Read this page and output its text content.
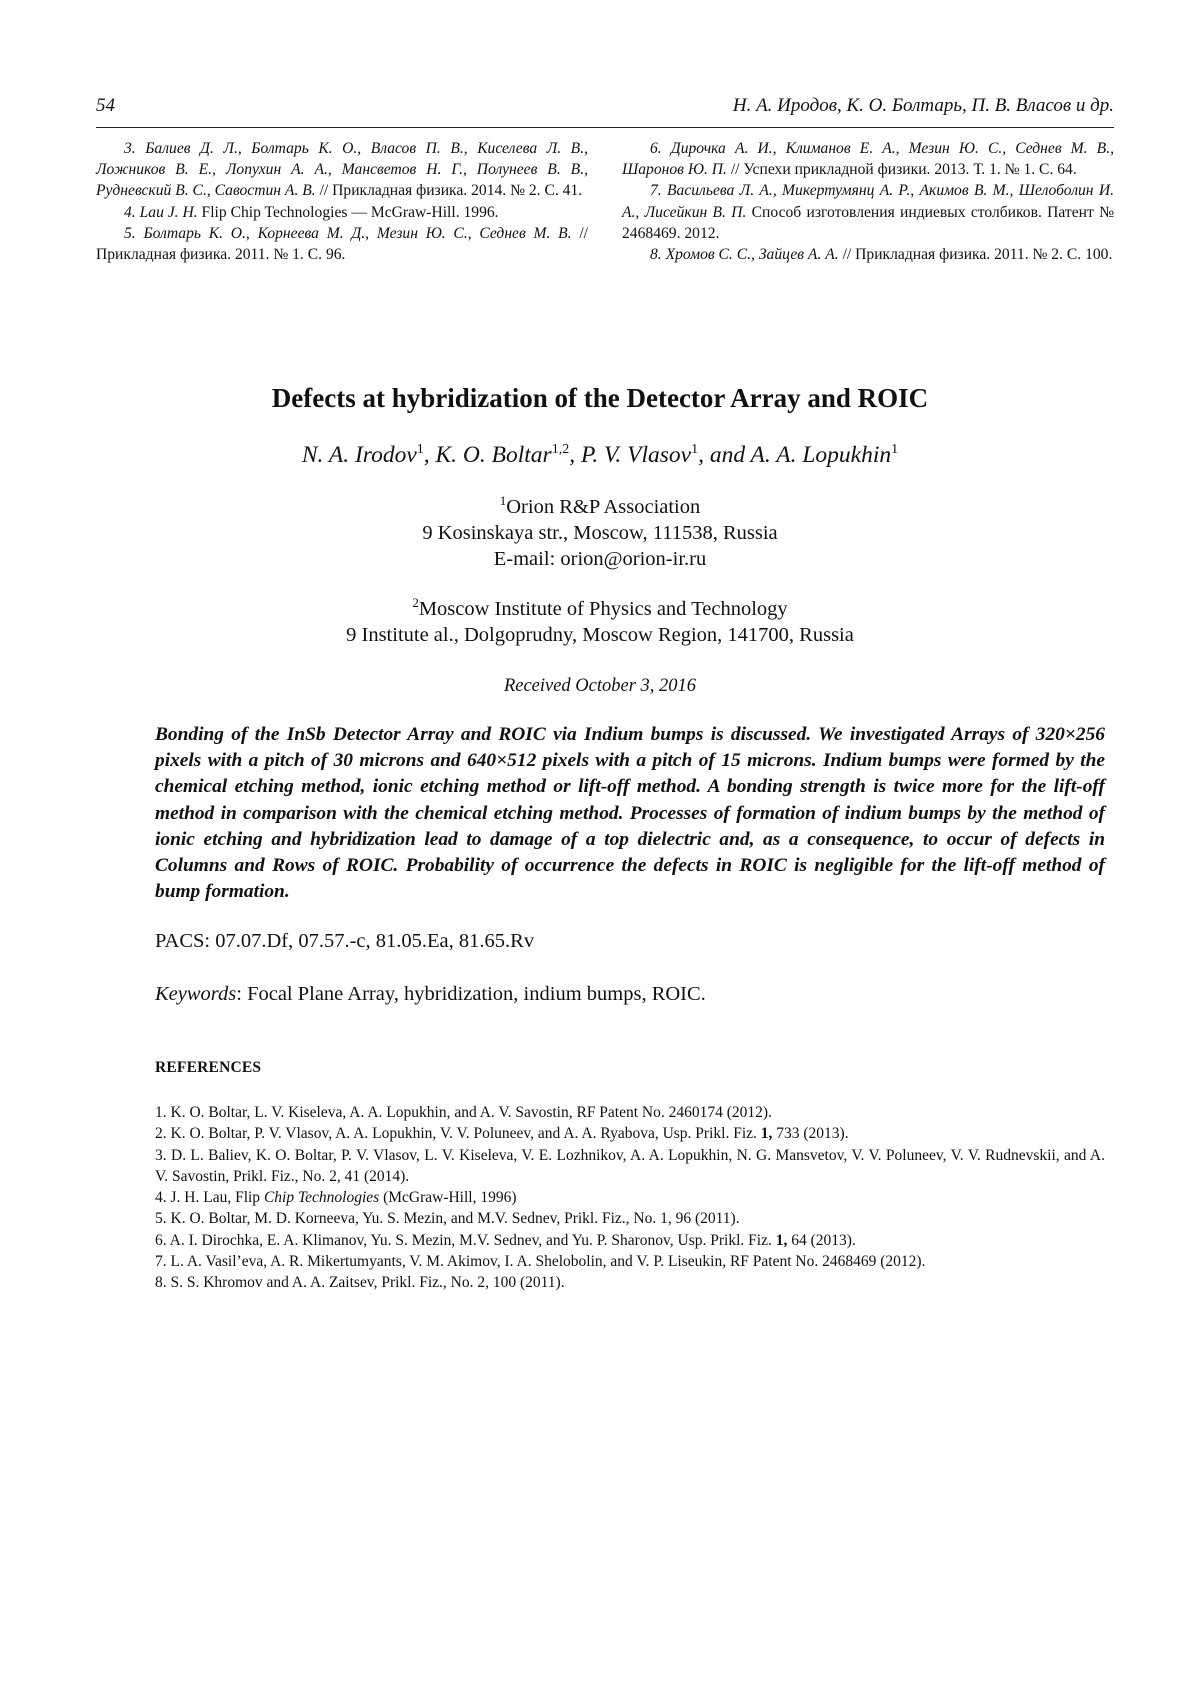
54	Н. А. Иродов, К. О. Болтарь, П. В. Власов и др.

3. Балиев Д. Л., Болтарь К. О., Власов П. В., Киселева Л. В., Ложников В. Е., Лопухин А. А., Мансветов Н. Г., Полунеев В. В., Рудневский В. С., Савостин А. В. // Прикладная физика. 2014. № 2. С. 41.

4. Lau J. H. Flip Chip Technologies — McGraw-Hill. 1996.

5. Болтарь К. О., Корнеева М. Д., Мезин Ю. С., Седнев М. В. // Прикладная физика. 2011. № 1. С. 96.

6. Дирочка А. И., Климанов Е. А., Мезин Ю. С., Седнев М. В., Шаронов Ю. П. // Успехи прикладной физики. 2013. Т. 1. № 1. С. 64.

7. Васильева Л. А., Микертумянц А. Р., Акимов В. М., Шелоболин И. А., Лисейкин В. П. Способ изготовления индиевых столбиков. Патент № 2468469. 2012.

8. Хромов С. С., Зайцев А. А. // Прикладная физика. 2011. № 2. С. 100.

Defects at hybridization of the Detector Array and ROIC
N. A. Irodov$^1$, K. O. Boltar$^{1,2}$, P. V. Vlasov$^1$, and A. A. Lopukhin$^1$
$^1$Orion R&P Association
9 Kosinskaya str., Moscow, 111538, Russia
E-mail: orion@orion-ir.ru
$^2$Moscow Institute of Physics and Technology
9 Institute al., Dolgoprudny, Moscow Region, 141700, Russia
Received October 3, 2016

Bonding of the InSb Detector Array and ROIC via Indium bumps is discussed. We investigated Arrays of 320×256 pixels with a pitch of 30 microns and 640×512 pixels with a pitch of 15 microns. Indium bumps were formed by the chemical etching method, ionic etching method or lift-off method. A bonding strength is twice more for the lift-off method in comparison with the chemical etching method. Processes of formation of indium bumps by the method of ionic etching and hybridization lead to damage of a top dielectric and, as a consequence, to occur of defects in Columns and Rows of ROIC. Probability of occurrence the defects in ROIC is negligible for the lift-off method of bump formation.

PACS: 07.07.Df, 07.57.-c, 81.05.Ea, 81.65.Rv
Keywords: Focal Plane Array, hybridization, indium bumps, ROIC.
REFERENCES

1. K. O. Boltar, L. V. Kiseleva, A. A. Lopukhin, and A. V. Savostin, RF Patent No. 2460174 (2012).

2. K. O. Boltar, P. V. Vlasov, A. A. Lopukhin, V. V. Poluneev, and A. A. Ryabova, Usp. Prikl. Fiz. 1, 733 (2013).

3. D. L. Baliev, K. O. Boltar, P. V. Vlasov, L. V. Kiseleva, V. E. Lozhnikov, A. A. Lopukhin, N. G. Mansvetov, V. V. Poluneev, V. V. Rudnevskii, and A. V. Savostin, Prikl. Fiz., No. 2, 41 (2014).

4. J. H. Lau, Flip Chip Technologies (McGraw-Hill, 1996)

5. K. O. Boltar, M. D. Korneeva, Yu. S. Mezin, and M.V. Sednev, Prikl. Fiz., No. 1, 96 (2011).

6. A. I. Dirochka, E. A. Klimanov, Yu. S. Mezin, M.V. Sednev, and Yu. P. Sharonov, Usp. Prikl. Fiz. 1, 64 (2013).

7. L. A. Vasil’eva, A. R. Mikertumyants, V. M. Akimov, I. A. Shelobolin, and V. P. Liseukin, RF Patent No. 2468469 (2012).

8. S. S. Khromov and A. A. Zaitsev, Prikl. Fiz., No. 2, 100 (2011).
